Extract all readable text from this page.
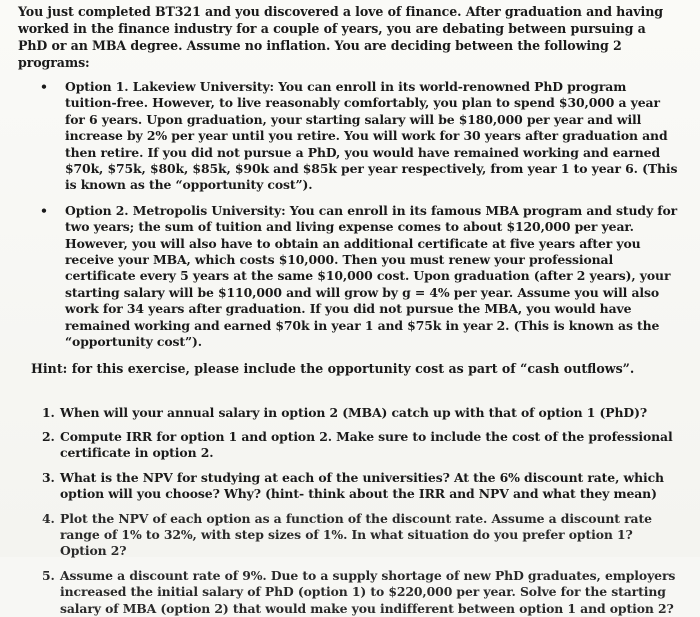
You just completed BT321 and you discovered a love of finance. After graduation and having worked in the finance industry for a couple of years, you are debating between pursuing a PhD or an MBA degree. Assume no inflation. You are deciding between the following 2 programs:

• Option 1. Lakeview University: You can enroll in its world-renowned PhD program tuition-free. However, to live reasonably comfortably, you plan to spend $30,000 a year for 6 years. Upon graduation, your starting salary will be $180,000 per year and will increase by 2% per year until you retire. You will work for 30 years after graduation and then retire. If you did not pursue a PhD, you would have remained working and earned $70k, $75k, $80k, $85k, $90k and $85k per year respectively, from year 1 to year 6. (This is known as the “opportunity cost”).
• Option 2. Metropolis University: You can enroll in its famous MBA program and study for two years; the sum of tuition and living expense comes to about $120,000 per year. However, you will also have to obtain an additional certificate at five years after you receive your MBA, which costs $10,000. Then you must renew your professional certificate every 5 years at the same $10,000 cost. Upon graduation (after 2 years), your starting salary will be $110,000 and will grow by g = 4% per year. Assume you will also work for 34 years after graduation. If you did not pursue the MBA, you would have remained working and earned $70k in year 1 and $75k in year 2. (This is known as the “opportunity cost”).

Hint: for this exercise, please include the opportunity cost as part of “cash outflows”.

1. When will your annual salary in option 2 (MBA) catch up with that of option 1 (PhD)?
2. Compute IRR for option 1 and option 2. Make sure to include the cost of the professional certificate in option 2.
3. What is the NPV for studying at each of the universities? At the 6% discount rate, which option will you choose? Why? (hint- think about the IRR and NPV and what they mean)
4. Plot the NPV of each option as a function of the discount rate. Assume a discount rate range of 1% to 32%, with step sizes of 1%. In what situation do you prefer option 1? Option 2?
5. Assume a discount rate of 9%. Due to a supply shortage of new PhD graduates, employers increased the initial salary of PhD (option 1) to $220,000 per year. Solve for the starting salary of MBA (option 2) that would make you indifferent between option 1 and option 2?
